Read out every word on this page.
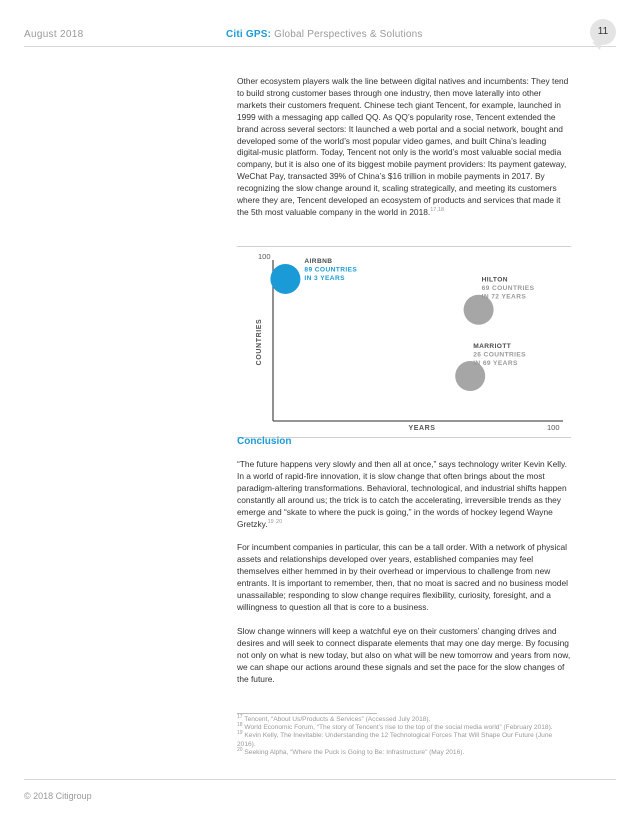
August 2018	Citi GPS: Global Perspectives & Solutions	11

Other ecosystem players walk the line between digital natives and incumbents: They tend to build strong customer bases through one industry, then move laterally into other markets their customers frequent. Chinese tech giant Tencent, for example, launched in 1999 with a messaging app called QQ. As QQ’s popularity rose, Tencent extended the brand across several sectors: It launched a web portal and a social network, bought and developed some of the world’s most popular video games, and built China’s leading digital-music platform. Today, Tencent not only is the world’s most valuable social media company, but it is also one of its biggest mobile payment providers: Its payment gateway, WeChat Pay, transacted 39% of China’s $16 trillion in mobile payments in 2017. By recognizing the slow change around it, scaling strategically, and meeting its customers where they are, Tencent developed an ecosystem of products and services that made it the 5th most valuable company in the world in 2018.$^{17,18}$

100
100
YEARS
COUNTRIES
AIRBNB
89 COUNTRIES
IN 3 YEARS	HILTON
69 COUNTRIES
IN 72 YEARS
MARRIOTT
26 COUNTRIES
IN 69 YEARS
Conclusion

“The future happens very slowly and then all at once,” says technology writer Kevin Kelly. In a world of rapid-fire innovation, it is slow change that often brings about the most paradigm-altering transformations. Behavioral, technological, and industrial shifts happen constantly all around us; the trick is to catch the accelerating, irreversible trends as they emerge and “skate to where the puck is going,” in the words of hockey legend Wayne Gretzky.$^{19}$ $^{20}$

For incumbent companies in particular, this can be a tall order. With a network of physical assets and relationships developed over years, established companies may feel themselves either hemmed in by their overhead or impervious to challenge from new entrants. It is important to remember, then, that no moat is sacred and no business model unassailable; responding to slow change requires flexibility, curiosity, foresight, and a willingness to question all that is core to a business.

Slow change winners will keep a watchful eye on their customers’ changing drives and desires and will seek to connect disparate elements that may one day merge. By focusing not only on what is new today, but also on what will be new tomorrow and years from now, we can shape our actions around these signals and set the pace for the slow changes of the future.

$^{17}$ Tencent, “About Us/Products & Services” (Accessed July 2018).
$^{18}$ World Economic Forum, “The story of Tencent’s rise to the top of the social media world” (February 2018).
$^{19}$ Kevin Kelly, The Inevitable: Understanding the 12 Technological Forces That Will Shape Our Future (June 2016).
$^{20}$ Seeking Alpha, “Where the Puck is Going to Be: Infrastructure” (May 2016).
© 2018 Citigroup
